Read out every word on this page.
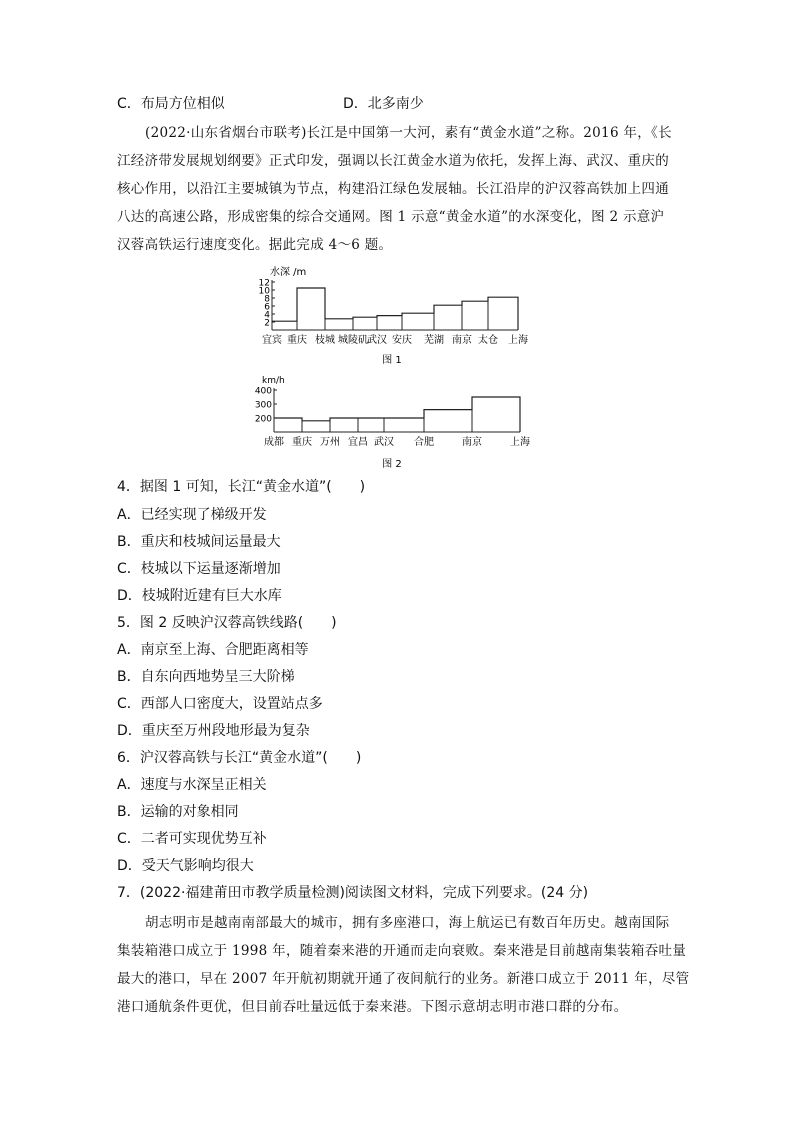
C．布局方位相似	D．北多南少
(2022·山东省烟台市联考)长江是中国第一大河，素有“黄金水道”之称。2016 年，《长
江经济带发展规划纲要》正式印发，强调以长江黄金水道为依托，发挥上海、武汉、重庆的
核心作用，以沿江主要城镇为节点，构建沿江绿色发展轴。长江沿岸的沪汉蓉高铁加上四通
八达的高速公路，形成密集的综合交通网。图 1 示意“黄金水道”的水深变化，图 2 示意沪
汉蓉高铁运行速度变化。据此完成 4～6 题。
水深 /m
2
4
6
8
10
12
宜宾 重庆 枝城 城陵矶 武汉 安庆 芜湖 南京 太仓 上海
图 1
km/h
200
300
400
成都 重庆 万州 宜昌 武汉 合肥	南京	上海
图 2
4．据图 1 可知，长江“黄金水道”(　　)
A．已经实现了梯级开发
B．重庆和枝城间运量最大
C．枝城以下运量逐渐增加
D．枝城附近建有巨大水库
5．图 2 反映沪汉蓉高铁线路(　　)
A．南京至上海、合肥距离相等
B．自东向西地势呈三大阶梯
C．西部人口密度大，设置站点多
D．重庆至万州段地形最为复杂
6．沪汉蓉高铁与长江“黄金水道”(　　)
A．速度与水深呈正相关
B．运输的对象相同
C．二者可实现优势互补
D．受天气影响均很大
7．(2022·福建莆田市教学质量检测)阅读图文材料，完成下列要求。(24 分)
胡志明市是越南南部最大的城市，拥有多座港口，海上航运已有数百年历史。越南国际
集装箱港口成立于 1998 年，随着秦来港的开通而走向衰败。秦来港是目前越南集装箱吞吐量
最大的港口，早在 2007 年开航初期就开通了夜间航行的业务。新港口成立于 2011 年，尽管
港口通航条件更优，但目前吞吐量远低于秦来港。下图示意胡志明市港口群的分布。
